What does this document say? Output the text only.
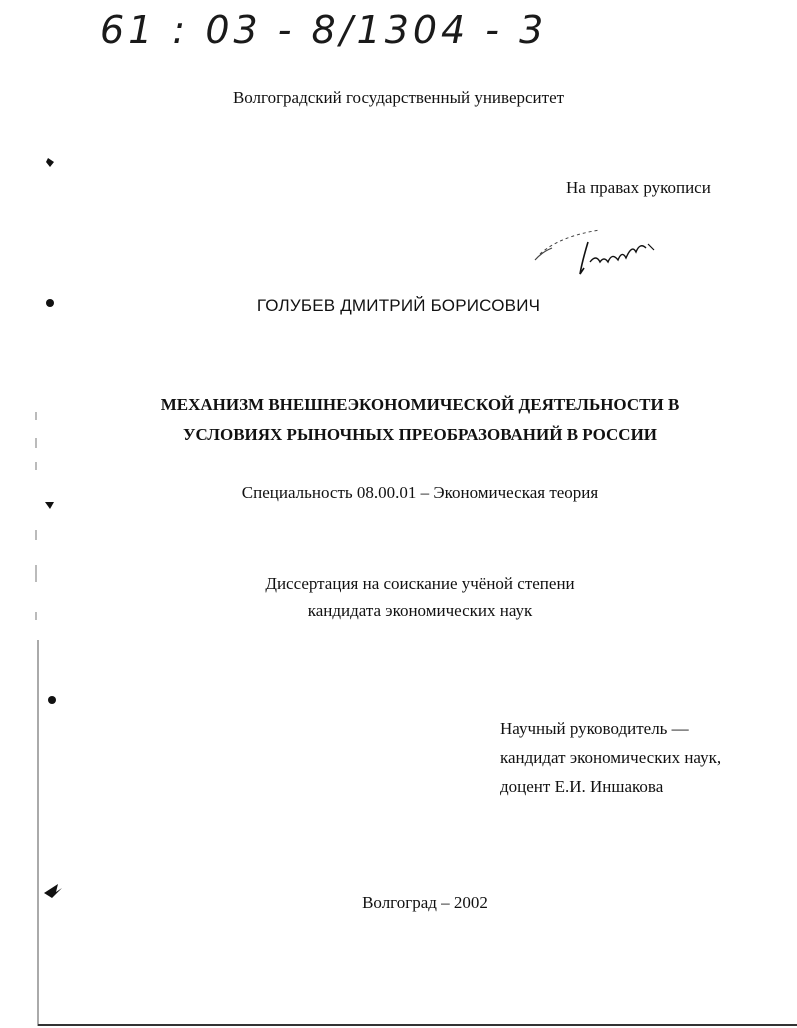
61 : 03 - 8/1304 - 3
Волгоградский государственный университет
На правах рукописи
ГОЛУБЕВ ДМИТРИЙ БОРИСОВИЧ
МЕХАНИЗМ ВНЕШНЕЭКОНОМИЧЕСКОЙ ДЕЯТЕЛЬНОСТИ В
УСЛОВИЯХ РЫНОЧНЫХ ПРЕОБРАЗОВАНИЙ В РОССИИ
Специальность 08.00.01 – Экономическая теория
Диссертация на соискание учёной степени
кандидата экономических наук
Научный руководитель —
кандидат экономических наук,
доцент Е.И. Иншакова
Волгоград – 2002
